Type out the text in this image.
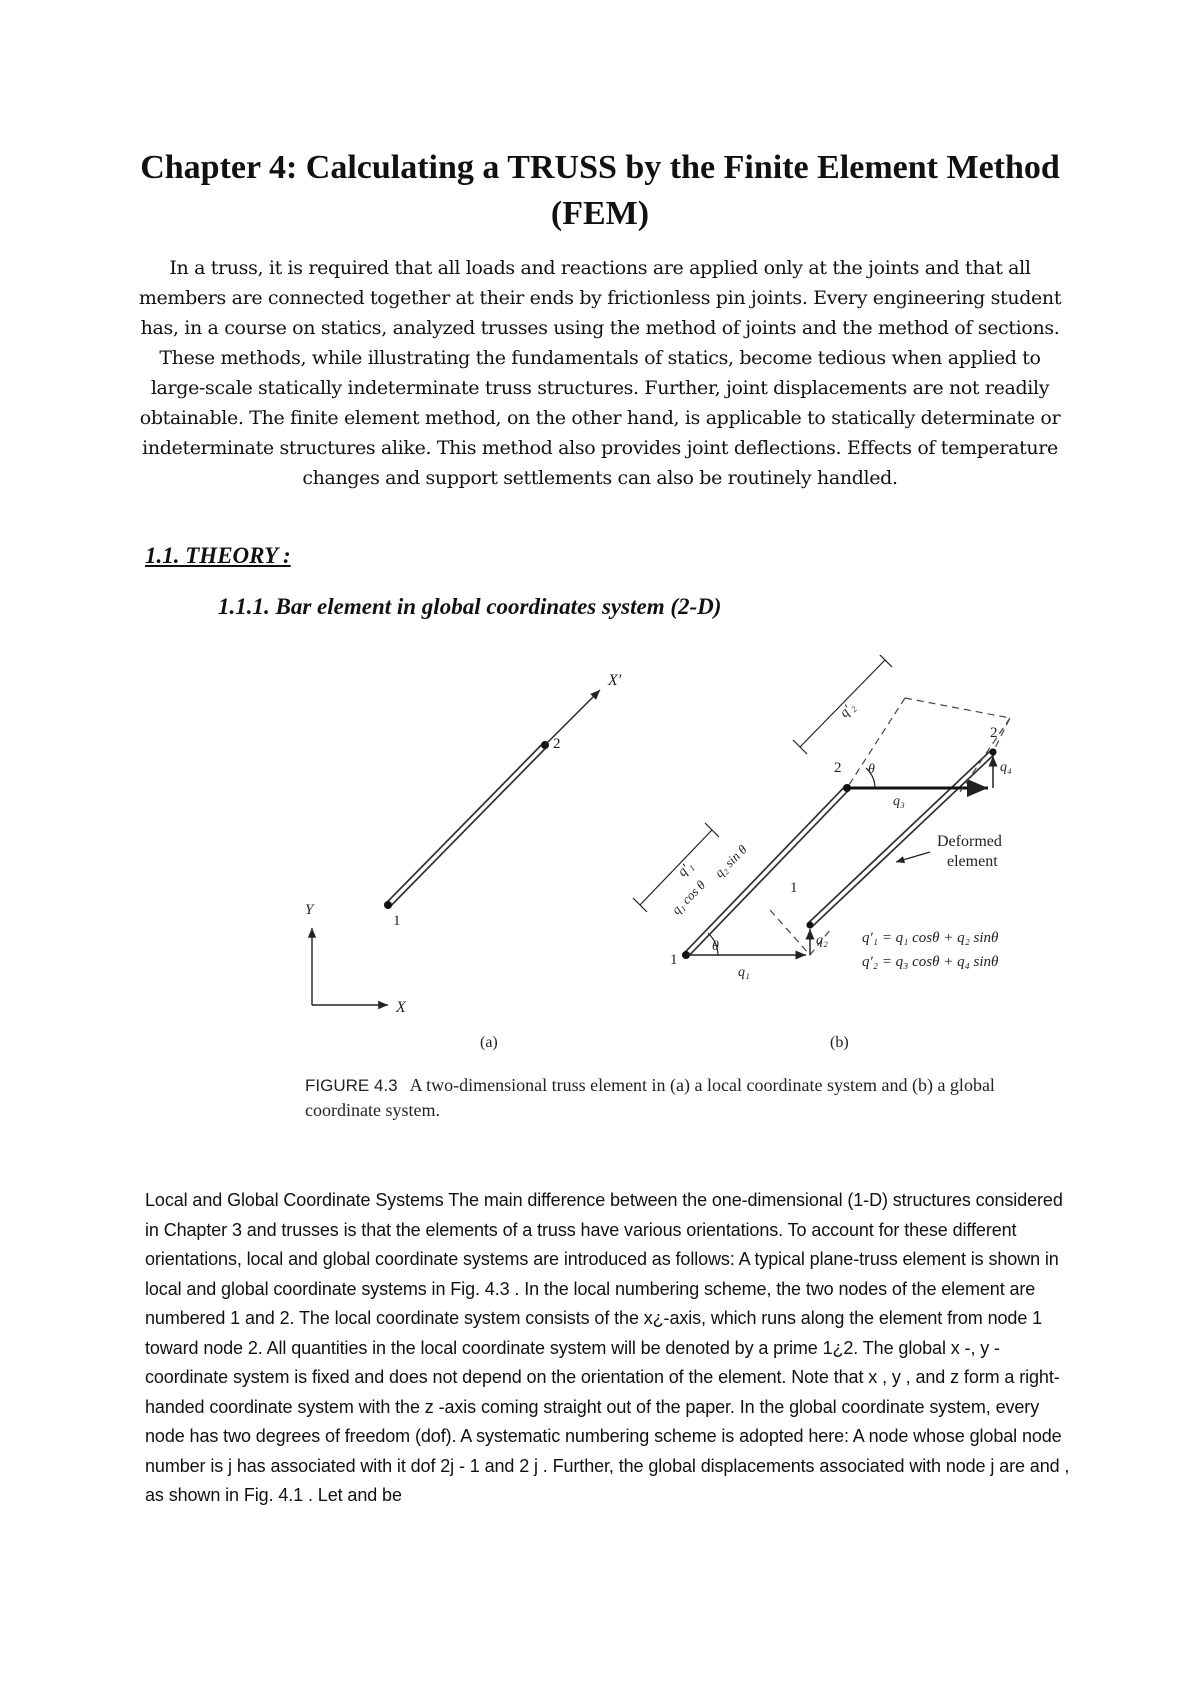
Chapter 4: Calculating a TRUSS by the Finite Element Method (FEM)

In a truss, it is required that all loads and reactions are applied only at the joints and that all members are connected together at their ends by frictionless pin joints. Every engineering student has, in a course on statics, analyzed trusses using the method of joints and the method of sections. These methods, while illustrating the fundamentals of statics, become tedious when applied to large-scale statically indeterminate truss structures. Further, joint displacements are not readily obtainable. The finite element method, on the other hand, is applicable to statically determinate or indeterminate structures alike. This method also provides joint deflections. Effects of temperature changes and support settlements can also be routinely handled.

1.1. THEORY :
1.1.1. Bar element in global coordinates system (2-D)
X′
1
2
Y
X
(a)
1
2
1
2
θ
θ
q₁
q₂
q₃
q₄
q′₂
q′₁
q₁ cos θ
q₂ sin θ
Deformed
element
q′₁ = q₁ cosθ + q₂ sinθ
q′₂ = q₃ cosθ + q₄ sinθ
(b)
FIGURE 4.3 A two-dimensional truss element in (a) a local coordinate system and (b) a global coordinate system.

Local and Global Coordinate Systems The main difference between the one-dimensional (1-D) structures considered in Chapter 3 and trusses is that the elements of a truss have various orientations. To account for these different orientations, local and global coordinate systems are introduced as follows: A typical plane-truss element is shown in local and global coordinate systems in Fig. 4.3 . In the local numbering scheme, the two nodes of the element are numbered 1 and 2. The local coordinate system consists of the x¿-axis, which runs along the element from node 1 toward node 2. All quantities in the local coordinate system will be denoted by a prime 1¿2. The global x -, y -coordinate system is fixed and does not depend on the orientation of the element. Note that x , y , and z form a right-handed coordinate system with the z -axis coming straight out of the paper. In the global coordinate system, every node has two degrees of freedom (dof). A systematic numbering scheme is adopted here: A node whose global node number is j has associated with it dof 2j - 1 and 2 j . Further, the global displacements associated with node j are and , as shown in Fig. 4.1 . Let and be
